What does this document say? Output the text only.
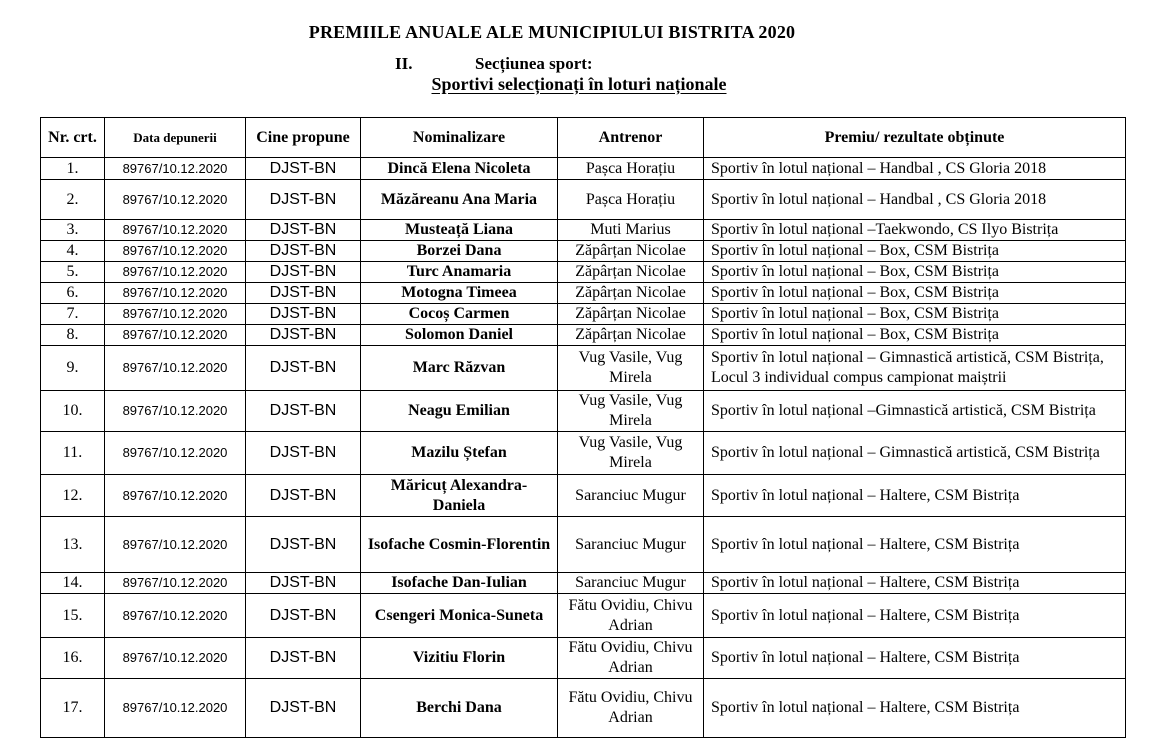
PREMIILE ANUALE ALE MUNICIPIULUI BISTRITA 2020
II.	Secțiunea sport:
Sportivi selecționați în loturi naționale
Nr. crt.	Data depunerii	Cine propune	Nominalizare	Antrenor	Premiu/ rezultate obținute
1.	89767/10.12.2020	DJST-BN	Dincă Elena Nicoleta	Pașca Horațiu	Sportiv în lotul național – Handbal , CS Gloria 2018
2.	89767/10.12.2020	DJST-BN	Măzăreanu Ana Maria	Pașca Horațiu	Sportiv în lotul național – Handbal , CS Gloria 2018
3.	89767/10.12.2020	DJST-BN	Musteață Liana	Muti Marius	Sportiv în lotul național –Taekwondo, CS Ilyo Bistrița
4.	89767/10.12.2020	DJST-BN	Borzei Dana	Zăpârțan Nicolae	Sportiv în lotul național – Box, CSM Bistrița
5.	89767/10.12.2020	DJST-BN	Turc Anamaria	Zăpârțan Nicolae	Sportiv în lotul național – Box, CSM Bistrița
6.	89767/10.12.2020	DJST-BN	Motogna Timeea	Zăpârțan Nicolae	Sportiv în lotul național – Box, CSM Bistrița
7.	89767/10.12.2020	DJST-BN	Cocoș Carmen	Zăpârțan Nicolae	Sportiv în lotul național – Box, CSM Bistrița
8.	89767/10.12.2020	DJST-BN	Solomon Daniel	Zăpârțan Nicolae	Sportiv în lotul național – Box, CSM Bistrița
9.	89767/10.12.2020	DJST-BN	Marc Răzvan	Vug Vasile, Vug Mirela	Sportiv în lotul național – Gimnastică artistică, CSM Bistrița, Locul 3 individual compus campionat maiștrii
10.	89767/10.12.2020	DJST-BN	Neagu Emilian	Vug Vasile, Vug Mirela	Sportiv în lotul național –Gimnastică artistică, CSM Bistrița
11.	89767/10.12.2020	DJST-BN	Mazilu Ștefan	Vug Vasile, Vug Mirela	Sportiv în lotul național – Gimnastică artistică, CSM Bistrița
12.	89767/10.12.2020	DJST-BN	Măricuț Alexandra-Daniela	Saranciuc Mugur	Sportiv în lotul național – Haltere, CSM Bistrița
13.	89767/10.12.2020	DJST-BN	Isofache Cosmin-Florentin	Saranciuc Mugur	Sportiv în lotul național – Haltere, CSM Bistrița
14.	89767/10.12.2020	DJST-BN	Isofache Dan-Iulian	Saranciuc Mugur	Sportiv în lotul național – Haltere, CSM Bistrița
15.	89767/10.12.2020	DJST-BN	Csengeri Monica-Suneta	Fătu Ovidiu, Chivu Adrian	Sportiv în lotul național – Haltere, CSM Bistrița
16.	89767/10.12.2020	DJST-BN	Vizitiu Florin	Fătu Ovidiu, Chivu Adrian	Sportiv în lotul național – Haltere, CSM Bistrița
17.	89767/10.12.2020	DJST-BN	Berchi Dana	Fătu Ovidiu, Chivu Adrian	Sportiv în lotul național – Haltere, CSM Bistrița
